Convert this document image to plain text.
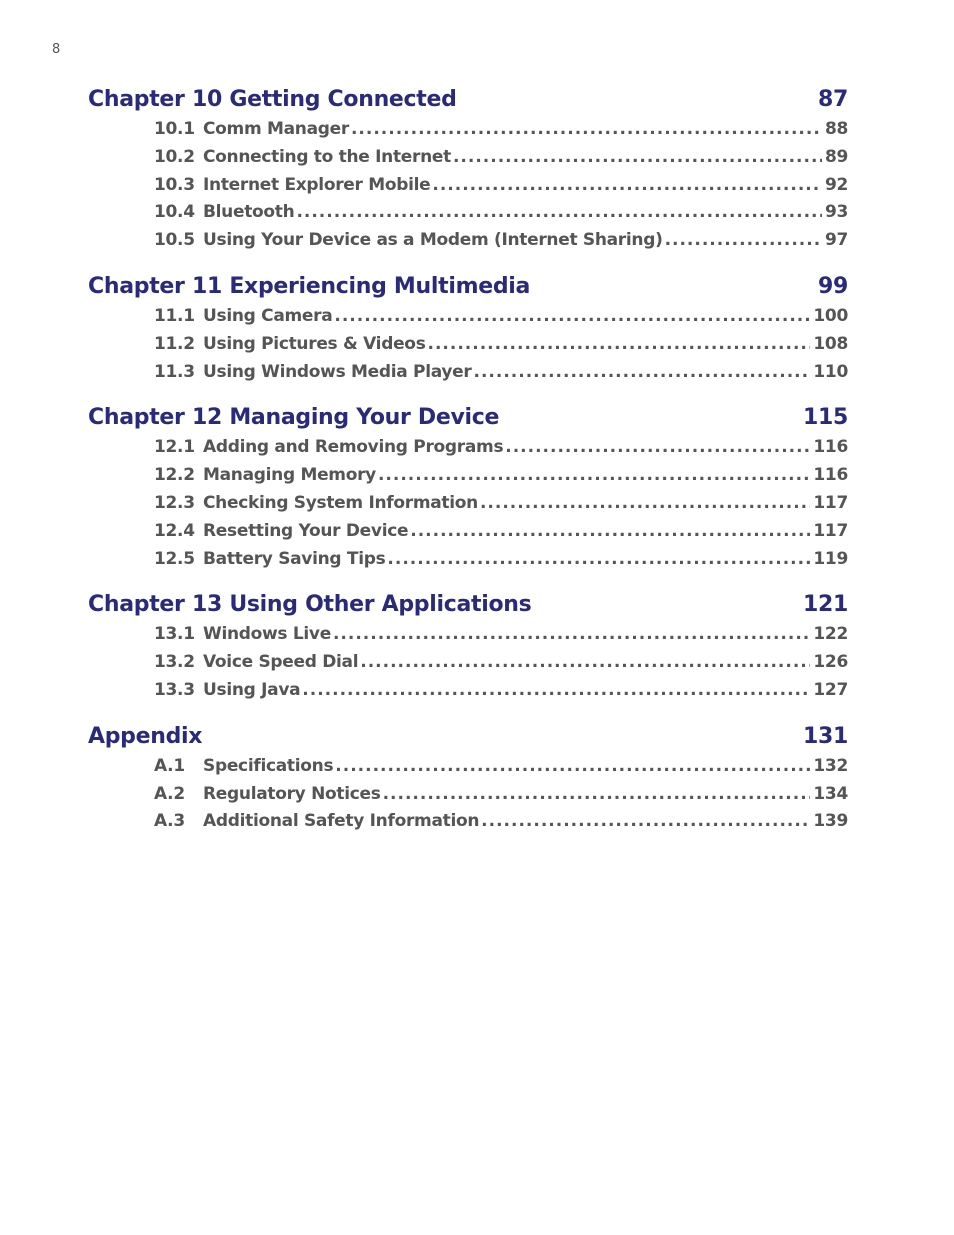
8
Chapter 10 Getting Connected	87
10.1 Comm Manager .....	88
10.2 Connecting to the Internet .....	89
10.3 Internet Explorer Mobile .....	92
10.4 Bluetooth .....	93
10.5 Using Your Device as a Modem (Internet Sharing) .....	97
Chapter 11 Experiencing Multimedia	99
11.1 Using Camera .....	100
11.2 Using Pictures & Videos .....	108
11.3 Using Windows Media Player .....	110
Chapter 12 Managing Your Device	115
12.1 Adding and Removing Programs .....	116
12.2 Managing Memory .....	116
12.3 Checking System Information .....	117
12.4 Resetting Your Device .....	117
12.5 Battery Saving Tips .....	119
Chapter 13 Using Other Applications	121
13.1 Windows Live .....	122
13.2 Voice Speed Dial .....	126
13.3 Using Java .....	127
Appendix	131
A.1	Specifications .....	132
A.2	Regulatory Notices .....	134
A.3	Additional Safety Information .....	139
